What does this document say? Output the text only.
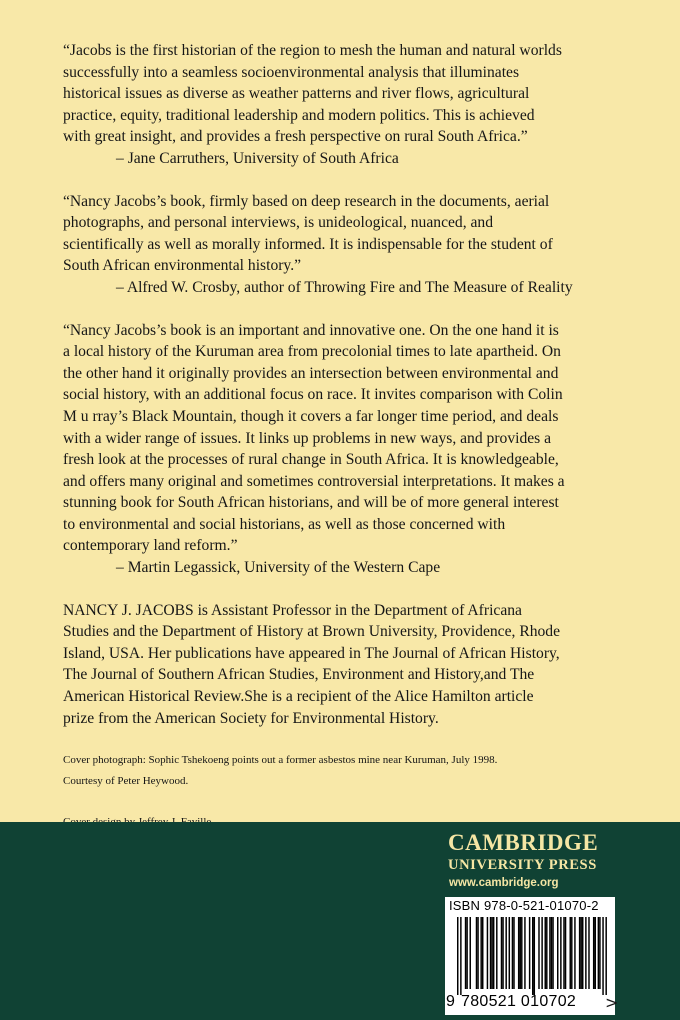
“Jacobs is the first historian of the region to mesh the human and natural worlds

successfully into a seamless socioenvironmental analysis that illuminates

historical issues as diverse as weather patterns and river flows, agricultural

practice, equity, traditional leadership and modern politics. This is achieved

with great insight, and provides a fresh perspective on rural South Africa.”

– Jane Carruthers, University of South Africa

“Nancy Jacobs’s book, firmly based on deep research in the documents, aerial

photographs, and personal interviews, is unideological, nuanced, and

scientifically as well as morally informed. It is indispensable for the student of

South African environmental history.”

– Alfred W. Crosby, author of Throwing Fire and The Measure of Reality

“Nancy Jacobs’s book is an important and innovative one. On the one hand it is

a local history of the Kuruman area from precolonial times to late apartheid. On

the other hand it originally provides an intersection between environmental and

social history, with an additional focus on race. It invites comparison with Colin

M u rray’s Black Mountain, though it covers a far longer time period, and deals

with a wider range of issues. It links up problems in new ways, and provides a

fresh look at the processes of rural change in South Africa. It is knowledgeable,

and offers many original and sometimes controversial interpretations. It makes a

stunning book for South African historians, and will be of more general interest

to environmental and social historians, as well as those concerned with

contemporary land reform.”

– Martin Legassick, University of the Western Cape

NANCY J. JACOBS is Assistant Professor in the Department of Africana

Studies and the Department of History at Brown University, Providence, Rhode

Island, USA. Her publications have appeared in The Journal of African History,

The Journal of Southern African Studies, Environment and History,and The

American Historical Review.She is a recipient of the Alice Hamilton article

prize from the American Society for Environmental History.

Cover photograph: Sophic Tshekoeng points out a former asbestos mine near Kuruman, July 1998.

Courtesy of Peter Heywood.

CAMBRIDGE
UNIVERSITY PRESS
www.cambridge.org
ISBN 978-0-521-01070-2
9 780521 010702 >
